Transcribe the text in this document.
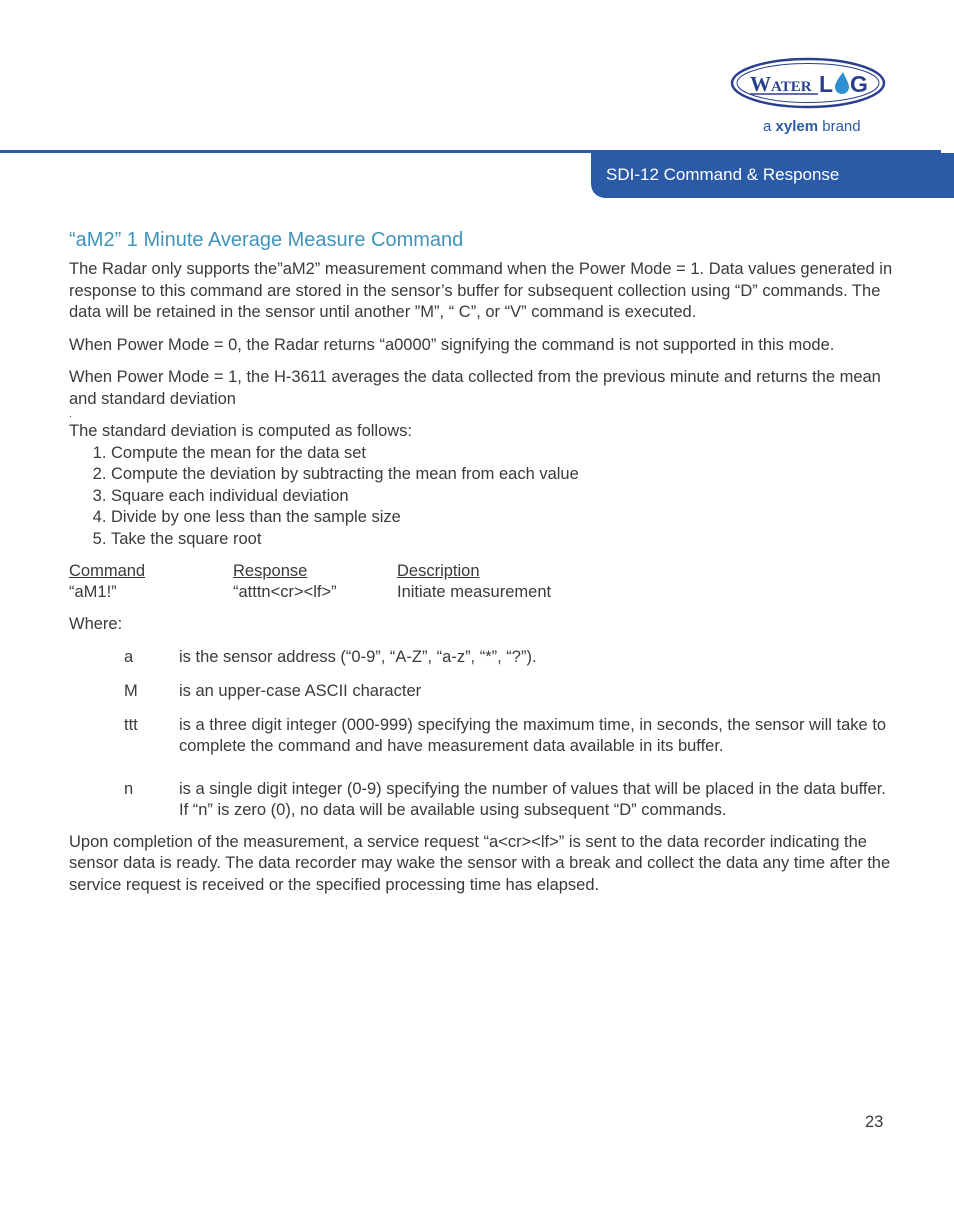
W ATER L G
a xylem brand
SDI-12 Command & Response
“aM2” 1 Minute Average Measure Command

The Radar only supports the”aM2” measurement command when the Power Mode = 1. Data values generated in response to this command are stored in the sensor’s buffer for subsequent collection using “D” commands. The data will be retained in the sensor until another ”M”, “ C”, or “V” command is executed.

When Power Mode = 0, the Radar returns “a0000” signifying the command is not supported in this mode.

When Power Mode = 1, the H-3611 averages the data collected from the previous minute and returns the mean and standard deviation

.

The standard deviation is computed as follows:

1. Compute the mean for the data set
2. Compute the deviation by subtracting the mean from each value
3. Square each individual deviation
4. Divide by one less than the sample size
5. Take the square root
Command	Response	Description
“aM1!”	“atttn<cr><lf>”	Initiate measurement

Where:

a	is the sensor address (“0-9”, “A-Z”, “a-z”, “*”, “?”).
M	is an upper-case ASCII character
ttt	is a three digit integer (000-999) specifying the maximum time, in seconds, the sensor will take to complete the command and have measurement data available in its buffer.
n	is a single digit integer (0-9) specifying the number of values that will be placed in the data buffer. If “n” is zero (0), no data will be available using subsequent “D” commands.

Upon completion of the measurement, a service request “a<cr><lf>” is sent to the data recorder indicating the sensor data is ready. The data recorder may wake the sensor with a break and collect the data any time after the service request is received or the specified processing time has elapsed.

23
